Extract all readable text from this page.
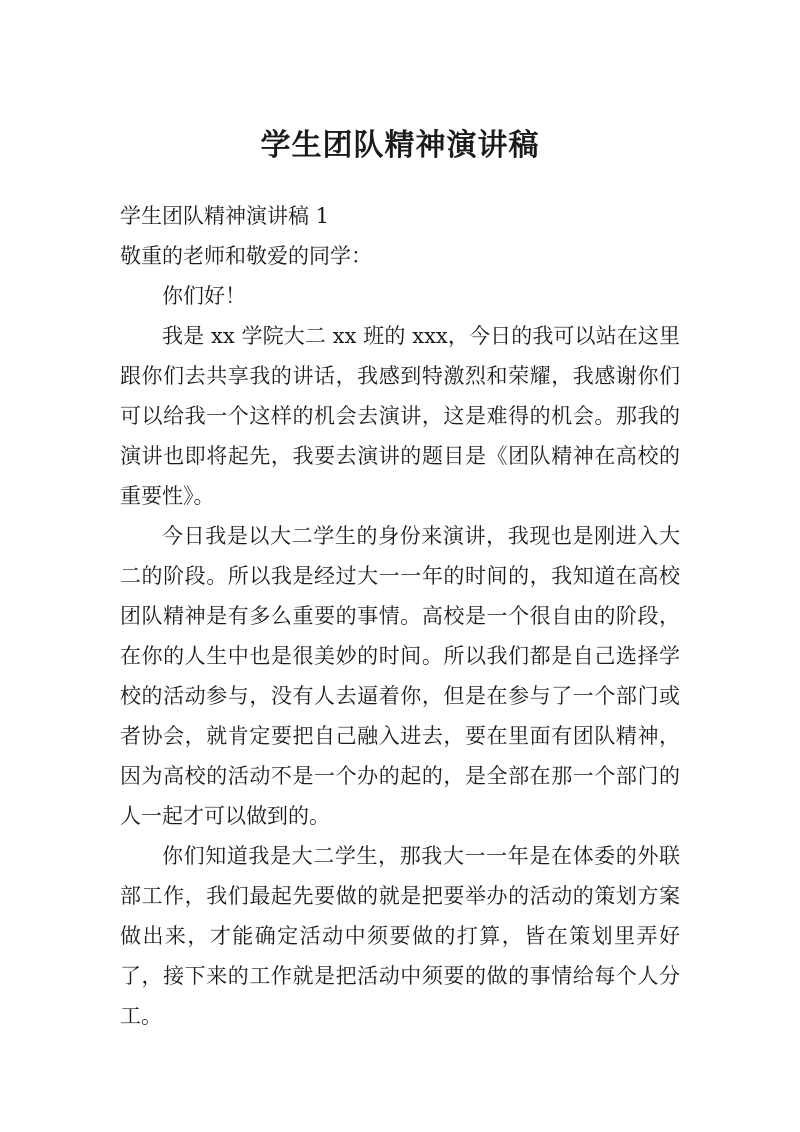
学生团队精神演讲稿

学生团队精神演讲稿 1

敬重的老师和敬爱的同学：

你们好！

我是 xx 学院大二 xx 班的 xxx，今日的我可以站在这里跟你们去共享我的讲话，我感到特激烈和荣耀，我感谢你们可以给我一个这样的机会去演讲，这是难得的机会。那我的演讲也即将起先，我要去演讲的题目是《团队精神在高校的重要性》。

今日我是以大二学生的身份来演讲，我现也是刚进入大二的阶段。所以我是经过大一一年的时间的，我知道在高校团队精神是有多么重要的事情。高校是一个很自由的阶段，在你的人生中也是很美妙的时间。所以我们都是自己选择学校的活动参与，没有人去逼着你，但是在参与了一个部门或者协会，就肯定要把自己融入进去，要在里面有团队精神，因为高校的活动不是一个办的起的，是全部在那一个部门的人一起才可以做到的。

你们知道我是大二学生，那我大一一年是在体委的外联部工作，我们最起先要做的就是把要举办的活动的策划方案做出来，才能确定活动中须要做的打算，皆在策划里弄好了，接下来的工作就是把活动中须要的做的事情给每个人分工。
